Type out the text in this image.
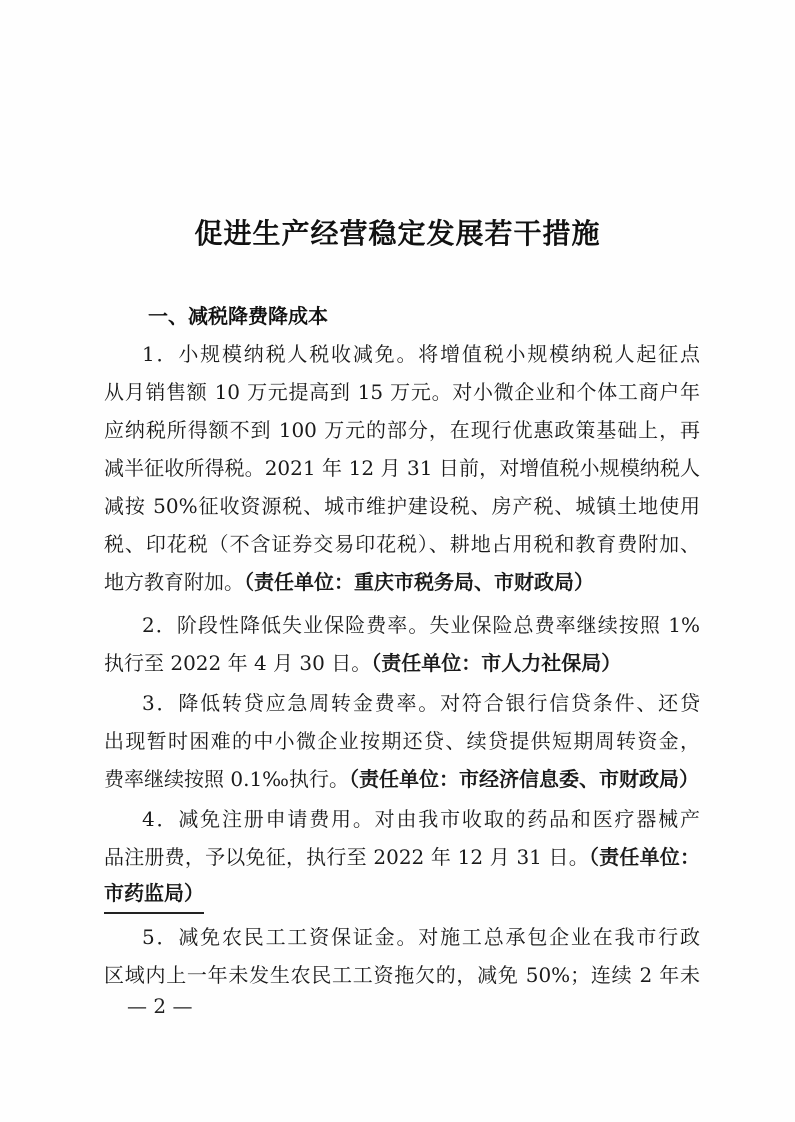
促进生产经营稳定发展若干措施
一、减税降费降成本
1．小规模纳税人税收减免。将增值税小规模纳税人起征点
从月销售额 10 万元提高到 15 万元。对小微企业和个体工商户年
应纳税所得额不到 100 万元的部分，在现行优惠政策基础上，再
减半征收所得税。2021 年 12 月 31 日前，对增值税小规模纳税人
减按 50%征收资源税、城市维护建设税、房产税、城镇土地使用
税、印花税（不含证券交易印花税）、耕地占用税和教育费附加、
地方教育附加。（责任单位：重庆市税务局、市财政局）
2．阶段性降低失业保险费率。失业保险总费率继续按照 1%
执行至 2022 年 4 月 30 日。（责任单位：市人力社保局）
3．降低转贷应急周转金费率。对符合银行信贷条件、还贷
出现暂时困难的中小微企业按期还贷、续贷提供短期周转资金，
费率继续按照 0.1‰执行。（责任单位：市经济信息委、市财政局）
4．减免注册申请费用。对由我市收取的药品和医疗器械产
品注册费，予以免征，执行至 2022 年 12 月 31 日。（责任单位：
市药监局）
5．减免农民工工资保证金。对施工总承包企业在我市行政
区域内上一年未发生农民工工资拖欠的，减免 50%；连续 2 年未
— 2 —
